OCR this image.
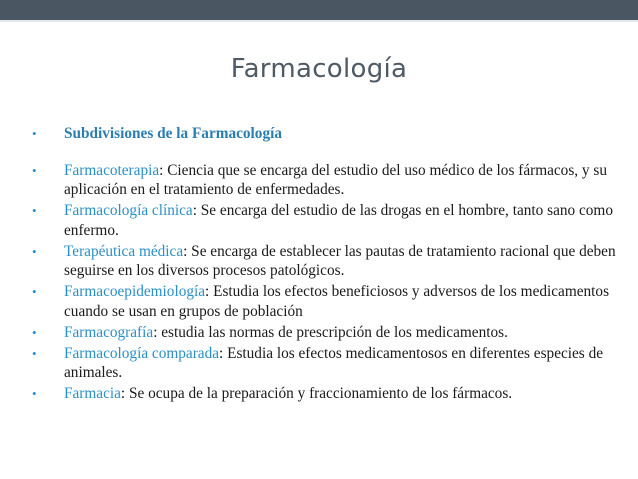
Farmacología
• Subdivisiones de la Farmacología
• Farmacoterapia: Ciencia que se encarga del estudio del uso médico de los fármacos, y su aplicación en el tratamiento de enfermedades.
• Farmacología clínica: Se encarga del estudio de las drogas en el hombre, tanto sano como enfermo.
• Terapéutica médica: Se encarga de establecer las pautas de tratamiento racional que deben seguirse en los diversos procesos patológicos.
• Farmacoepidemiología: Estudia los efectos beneficiosos y adversos de los medicamentos cuando se usan en grupos de población
• Farmacografía: estudia las normas de prescripción de los medicamentos.
• Farmacología comparada: Estudia los efectos medicamentosos en diferentes especies de animales.
• Farmacia: Se ocupa de la preparación y fraccionamiento de los fármacos.
